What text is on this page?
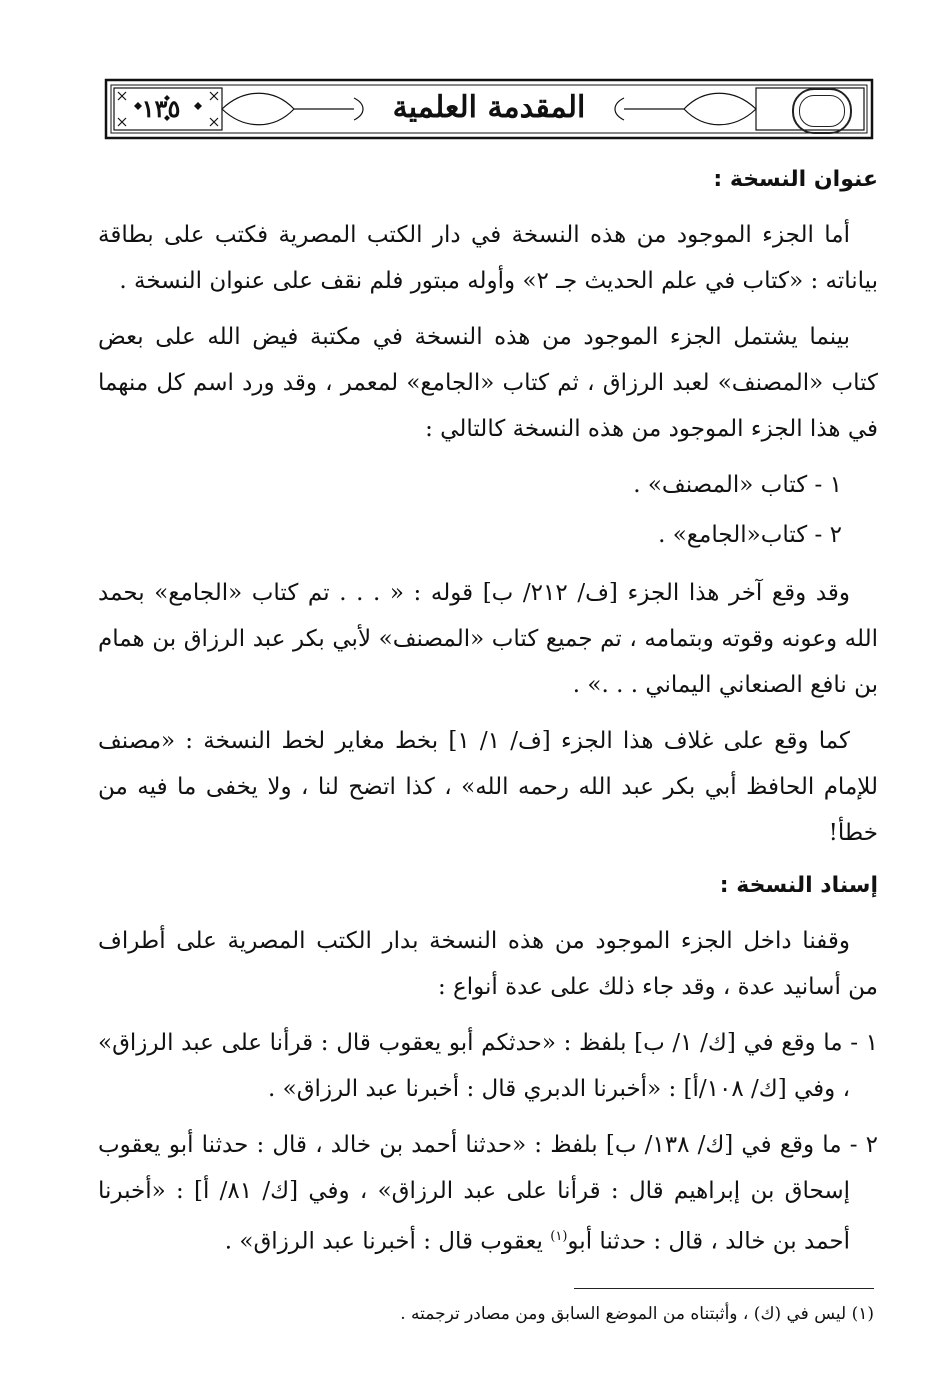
١٣٥	المقدمة العلمية
عنوان النسخة :

أما الجزء الموجود من هذه النسخة في دار الكتب المصرية فكتب على بطاقة بياناته : «كتاب في علم الحديث جـ ٢» وأوله مبتور فلم نقف على عنوان النسخة .

بينما يشتمل الجزء الموجود من هذه النسخة في مكتبة فيض الله على بعض كتاب «المصنف» لعبد الرزاق ، ثم كتاب «الجامع» لمعمر ، وقد ورد اسم كل منهما في هذا الجزء الموجود من هذه النسخة كالتالي :

١ - كتاب «المصنف» .
٢ - كتاب«الجامع» .

وقد وقع آخر هذا الجزء [ف/ ٢١٢/ ب] قوله : « . . . تم كتاب «الجامع» بحمد الله وعونه وقوته وبتمامه ، تم جميع كتاب «المصنف» لأبي بكر عبد الرزاق بن همام بن نافع الصنعاني اليماني . . .» .

كما وقع على غلاف هذا الجزء [ف/ ١/ ١] بخط مغاير لخط النسخة : «مصنف للإمام الحافظ أبي بكر عبد الله رحمه الله» ، كذا اتضح لنا ، ولا يخفى ما فيه من خطأ!

إسناد النسخة :

وقفنا داخل الجزء الموجود من هذه النسخة بدار الكتب المصرية على أطراف من أسانيد عدة ، وقد جاء ذلك على عدة أنواع :

١ - ما وقع في [ك/ ١/ ب] بلفظ : «حدثكم أبو يعقوب قال : قرأنا على عبد الرزاق» ، وفي [ك/ ١٠٨/أ] : «أخبرنا الدبري قال : أخبرنا عبد الرزاق» .

٢ - ما وقع في [ك/ ١٣٨/ ب] بلفظ : «حدثنا أحمد بن خالد ، قال : حدثنا أبو يعقوب إسحاق بن إبراهيم قال : قرأنا على عبد الرزاق» ، وفي [ك/ ٨١/ أ] : «أخبرنا أحمد بن خالد ، قال : حدثنا أبو$^{(١)}$ يعقوب قال : أخبرنا عبد الرزاق» .

(١) ليس في (ك) ، وأثبتناه من الموضع السابق ومن مصادر ترجمته .
